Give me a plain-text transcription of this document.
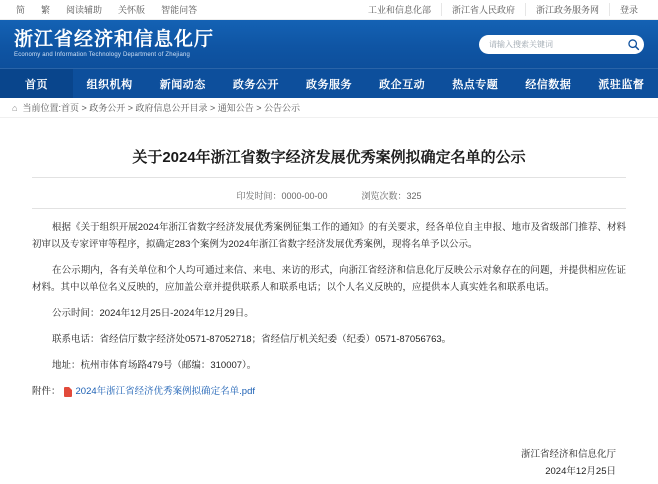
简	繁	阅读辅助	关怀版	智能问答	工业和信息化部	浙江省人民政府	浙江政务服务网	登录
浙江省经济和信息化厅
Economy and Information Technology Department of Zhejiang
请输入搜索关键词
首页	组织机构	新闻动态	政务公开	政务服务	政企互动	热点专题	经信数据	派驻监督
⌂ 当前位置:首页 > 政务公开 > 政府信息公开目录 > 通知公告 > 公告公示
关于2024年浙江省数字经济发展优秀案例拟确定名单的公示
印发时间：0000-00-00	浏览次数：325

根据《关于组织开展2024年浙江省数字经济发展优秀案例征集工作的通知》的有关要求，经各单位自主申报、地市及省级部门推荐、材料初审以及专家评审等程序，拟确定283个案例为2024年浙江省数字经济发展优秀案例，现将名单予以公示。

在公示期内，各有关单位和个人均可通过来信、来电、来访的形式，向浙江省经济和信息化厅反映公示对象存在的问题，并提供相应佐证材料。其中以单位名义反映的，应加盖公章并提供联系人和联系电话；以个人名义反映的，应提供本人真实姓名和联系电话。

公示时间：2024年12月25日-2024年12月29日。

联系电话：省经信厅数字经济处0571-87052718；省经信厅机关纪委（纪委）0571-87056763。

地址：杭州市体育场路479号（邮编：310007）。

附件： 2024年浙江省经济优秀案例拟确定名单.pdf
浙江省经济和信息化厅
2024年12月25日
